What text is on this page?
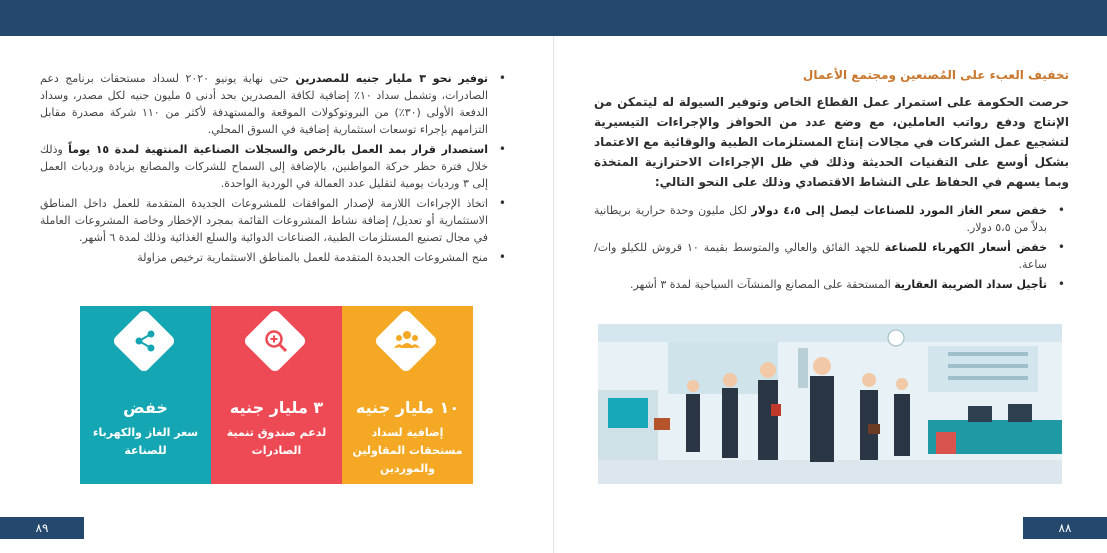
•
توفير نحو ٣ مليار جنيه للمصدرين حتى نهاية يونيو ٢٠٢٠ لسداد مستحقات برنامج دعم الصادرات، وتشمل سداد ١٠٪ إضافية لكافة المصدرين بحد أدنى ٥ مليون جنيه لكل مصدر، وسداد الدفعة الأولى (٣٠٪) من البروتوكولات الموقعة والمستهدفة لأكثر من ١١٠ شركة مصدرة مقابل التزامهم بإجراء توسعات استثمارية إضافية في السوق المحلي.
•
استصدار قرار بمد العمل بالرخص والسجلات الصناعية المنتهية لمدة ١٥ يوماً وذلك خلال فترة حظر حركة المواطنين، بالإضافة إلى السماح للشركات والمصانع بزيادة ورديات العمل إلى ٣ ورديات يومية لتقليل عدد العمالة في الوردية الواحدة.
•
اتخاذ الإجراءات اللازمة لإصدار الموافقات للمشروعات الجديدة المتقدمة للعمل داخل المناطق الاستثمارية أو تعديل/ إضافة نشاط المشروعات القائمة بمجرد الإخطار وخاصة المشروعات العاملة في مجال تصنيع المستلزمات الطبية، الصناعات الدوائية والسلع الغذائية وذلك لمدة ٦ أشهر.
•
منح المشروعات الجديدة المتقدمة للعمل بالمناطق الاستثمارية ترخيص مزاولة
خفض
سعر الغاز والكهرباء للصناعة
٣ مليار جنيه
لدعم صندوق تنمية الصادرات
١٠ مليار جنيه
إضافية لسداد مستحقات المقاولين والموردين
٨٩
تخفيف العبء على المُصنعين ومجتمع الأعمال

حرصت الحكومة على استمرار عمل القطاع الخاص وتوفير السيولة له ليتمكن من الإنتاج ودفع رواتب العاملين، مع وضع عدد من الحوافز والإجراءات التيسيرية لتشجيع عمل الشركات في مجالات إنتاج المستلزمات الطبية والوقائية مع الاعتماد بشكل أوسع على التقنيات الحديثة وذلك في ظل الإجراءات الاحترازية المتخذة وبما يسهم في الحفاظ على النشاط الاقتصادي وذلك على النحو التالي:

•
خفض سعر الغاز المورد للصناعات ليصل إلى ٤،٥ دولار لكل مليون وحدة حرارية بريطانية بدلاً من ٥،٥ دولار.
•
خفض أسعار الكهرباء للصناعة للجهد الفائق والعالي والمتوسط بقيمة ١٠ قروش للكيلو وات/ساعة.
•
تأجيل سداد الضريبة العقارية المستحقة على المصانع والمنشآت السياحية لمدة ٣ أشهر.
٨٨
